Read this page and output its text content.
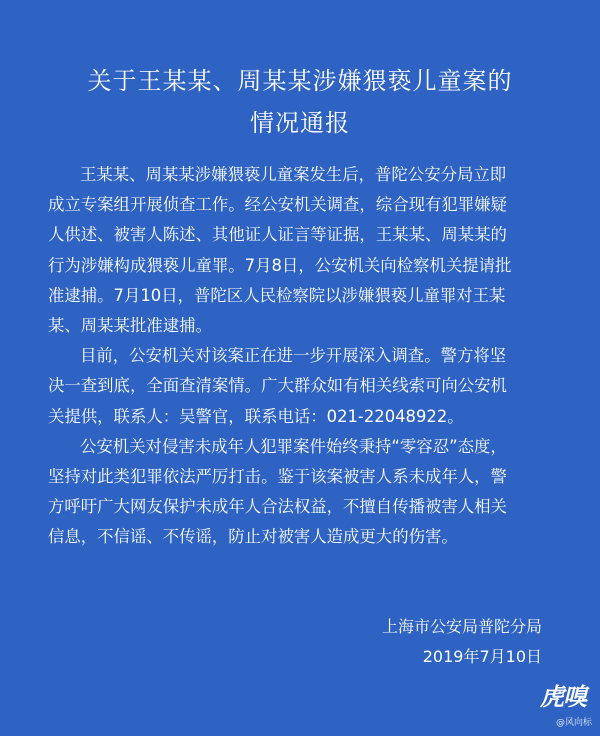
关于王某某、周某某涉嫌猥亵儿童案的
情况通报
王某某、周某某涉嫌猥亵儿童案发生后，普陀公安分局立即
成立专案组开展侦查工作。经公安机关调查，综合现有犯罪嫌疑
人供述、被害人陈述、其他证人证言等证据，王某某、周某某的
行为涉嫌构成猥亵儿童罪。7月8日，公安机关向检察机关提请批
准逮捕。7月10日，普陀区人民检察院以涉嫌猥亵儿童罪对王某
某、周某某批准逮捕。
目前，公安机关对该案正在进一步开展深入调查。警方将坚
决一查到底，全面查清案情。广大群众如有相关线索可向公安机
关提供，联系人：吴警官，联系电话：021-22048922。
公安机关对侵害未成年人犯罪案件始终秉持“零容忍”态度，
坚持对此类犯罪依法严厉打击。鉴于该案被害人系未成年人，警
方呼吁广大网友保护未成年人合法权益，不擅自传播被害人相关
信息，不信谣、不传谣，防止对被害人造成更大的伤害。
上海市公安局普陀分局
2019年7月10日
虎嗅
@风向标
